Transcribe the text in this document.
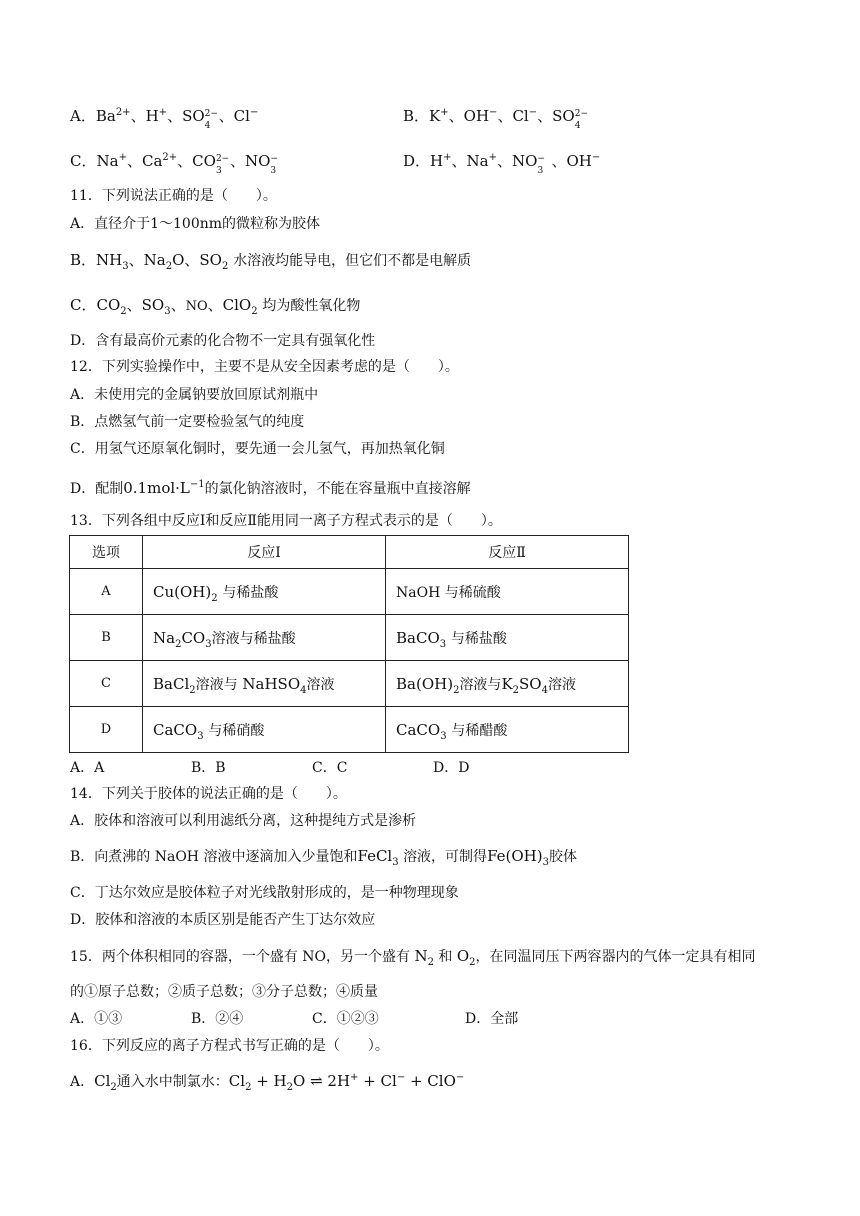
A．$Ba^{2+}$、H+、SO 2−
4
、Cl−	B．K+、OH−、Cl−、SO 2−
4
C．Na+、$Ca^{2+}$、CO 2−
3
、NO −
3
D．H+、Na+、NO −
3
、OH−
11．下列说法正确的是（　　）。
A．直径介于1～100nm的微粒称为胶体
B．$NH_3$、$Na_2O$、$SO_2$ 水溶液均能导电，但它们不都是电解质
C．$CO_2$、$SO_3$、NO、ClO$_2$ 均为酸性氧化物
D．含有最高价元素的化合物不一定具有强氧化性
12．下列实验操作中，主要不是从安全因素考虑的是（　　）。
A．未使用完的金属钠要放回原试剂瓶中
B．点燃氢气前一定要检验氢气的纯度
C．用氢气还原氧化铜时，要先通一会儿氢气，再加热氧化铜
D．配制$0.1mol\cdot L^{-1}$的氯化钠溶液时，不能在容量瓶中直接溶解
13．下列各组中反应Ⅰ和反应Ⅱ能用同一离子方程式表示的是（　　）。
选项	反应Ⅰ	反应Ⅱ
A	$Cu(OH)_2$ 与稀盐酸	NaOH 与稀硫酸
B	$Na_2CO_3$溶液与稀盐酸	BaCO$_3$ 与稀盐酸
C	BaCl$_2$溶液与 NaHSO$_4$溶液	$Ba(OH)_2$溶液与$K_2SO_4$溶液
D	CaCO$_3$ 与稀硝酸	CaCO$_3$ 与稀醋酸
A．A	B．B	C．C	D．D
14．下列关于胶体的说法正确的是（　　）。
A．胶体和溶液可以利用滤纸分离，这种提纯方式是渗析
B．向煮沸的 NaOH 溶液中逐滴加入少量饱和FeCl$_3$ 溶液，可制得$Fe(OH)_3$胶体
C．丁达尔效应是胶体粒子对光线散射形成的，是一种物理现象
D．胶体和溶液的本质区别是能否产生丁达尔效应
15．两个体积相同的容器，一个盛有 NO，另一个盛有 $N_2$ 和 $O_2$，在同温同压下两容器内的气体一定具有相同
的①原子总数；②质子总数；③分子总数；④质量
A．①③	B．②④	C．①②③	D．全部
16．下列反应的离子方程式书写正确的是（　　）。
A．$Cl_2$通入水中制氯水：$Cl_2 + H_2O$ ⇌ 2H+ + Cl− + ClO−
